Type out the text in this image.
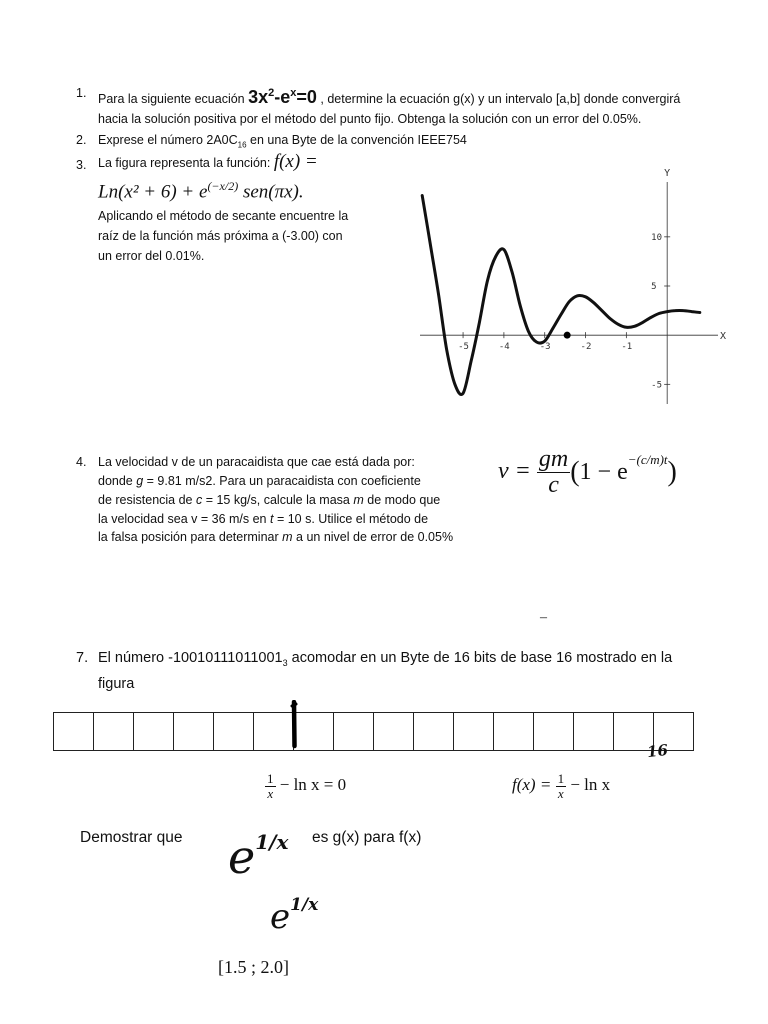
1. Para la siguiente ecuación $3x^2-e^x=0$ , determine la ecuación g(x) y un intervalo [a,b] donde convergirá
hacia la solución positiva por el método del punto fijo. Obtenga la solución con un error del 0.05%.
2. Exprese el número $2A0C_{16}$ en una Byte de la convención IEEE754
3. La figura representa la función: f(x) =
$Ln(x^2 + 6) + e^{(-x/2)}$ sen(πx).
Aplicando el método de secante encuentre la
raíz de la función más próxima a (-3.00) con
un error del 0.01%.
-5	-4	-3	-2	-1
10
5
-5
X
Y
4. La velocidad v de un paracaidista que cae está dada por:
donde g = 9.81 m/s2. Para un paracaidista con coeficiente
de resistencia de c = 15 kg/s, calcule la masa m de modo que
la velocidad sea v = 36 m/s en t = 10 s. Utilice el método de
la falsa posición para determinar m a un nivel de error de 0.05%
$v = \frac{gm}{c} (1 - e^{-(c/m)t})$
–
7. El número $-10010111011001_3$ acomodar en un Byte de 16 bits de base 16 mostrado en la
figura

16
$\frac{1}{x} - \ln x = 0$	$f(x) = \frac{1}{x} - \ln x$
Demostrar que $e^{1/x}$ es g(x) para f(x)
$e^{1/x}$
[1.5 ; 2.0]
